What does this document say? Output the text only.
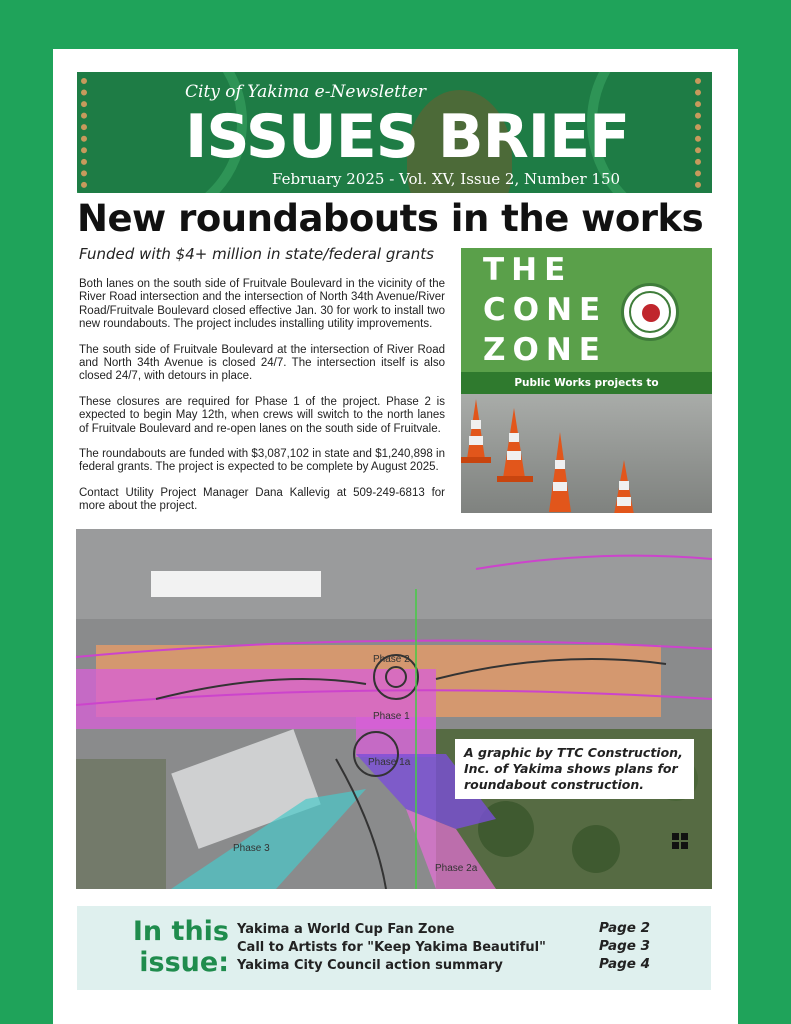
City of Yakima e-Newsletter
ISSUES BRIEF
February 2025 - Vol. XV, Issue 2, Number 150
New roundabouts in the works
Funded with $4+ million in state/federal grants

Both lanes on the south side of Fruitvale Boulevard in the vicinity of the River Road intersection and the intersection of North 34th Avenue/River Road/Fruitvale Boulevard closed effective Jan. 30 for work to install two new roundabouts. The project includes installing utility improvements.

The south side of Fruitvale Boulevard at the intersection of River Road and North 34th Avenue is closed 24/7. The intersection itself is also closed 24/7, with detours in place.

These closures are required for Phase 1 of the project. Phase 2 is expected to begin May 12th, when crews will switch to the north lanes of Fruitvale Boulevard and re-open lanes on the south side of Fruitvale.

The roundabouts are funded with $3,087,102 in state and $1,240,898 in federal grants. The project is expected to be complete by August 2025.

Contact Utility Project Manager Dana Kallevig at 509-249-6813 for more about the project.

THE
CONE
ZONE
Public Works projects to
Phase 2
Phase 1
Phase 1a
Phase 3
Phase 2a
A graphic by TTC Construction, Inc. of Yakima shows plans for roundabout construction.
In this
issue:
Yakima a World Cup Fan Zone	Page 2
Call to Artists for "Keep Yakima Beautiful"	Page 3
Yakima City Council action summary	Page 4
